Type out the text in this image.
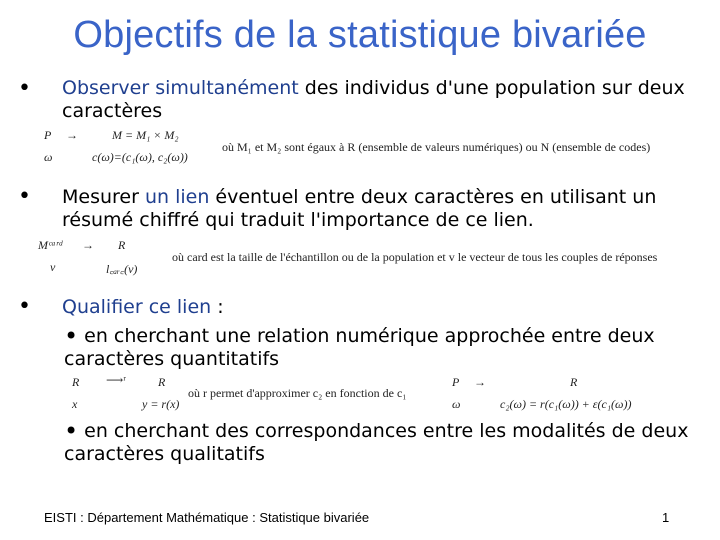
Objectifs de la statistique bivariée
• Observer simultanément des individus d'une population sur deux caractères
P →	M = M₁ × M₂
ω	c(ω)=(c₁(ω), c₂(ω))
où M₁ et M₂ sont égaux à R (ensemble de valeurs numériques) ou N (ensemble de codes)
• Mesurer un lien éventuel entre deux caractères en utilisant un résumé chiffré qui traduit l'importance de ce lien.
Mᶜᵃʳᵈ → R
v	l꜀ₐᵣ꜀(v)
où card est la taille de l'échantillon ou de la population et v le vecteur de tous les couples de réponses
• Qualifier ce lien :
• en cherchant une relation numérique approchée entre deux caractères quantitatifs
R ⟶ʳ	R
x	y = r(x)
où r permet d'approximer c₂ en fonction de c₁
P →	R
ω	c₂(ω) = r(c₁(ω)) + ε(c₁(ω))
• en cherchant des correspondances entre les modalités de deux caractères qualitatifs
EISTI : Département Mathématique : Statistique bivariée	1
